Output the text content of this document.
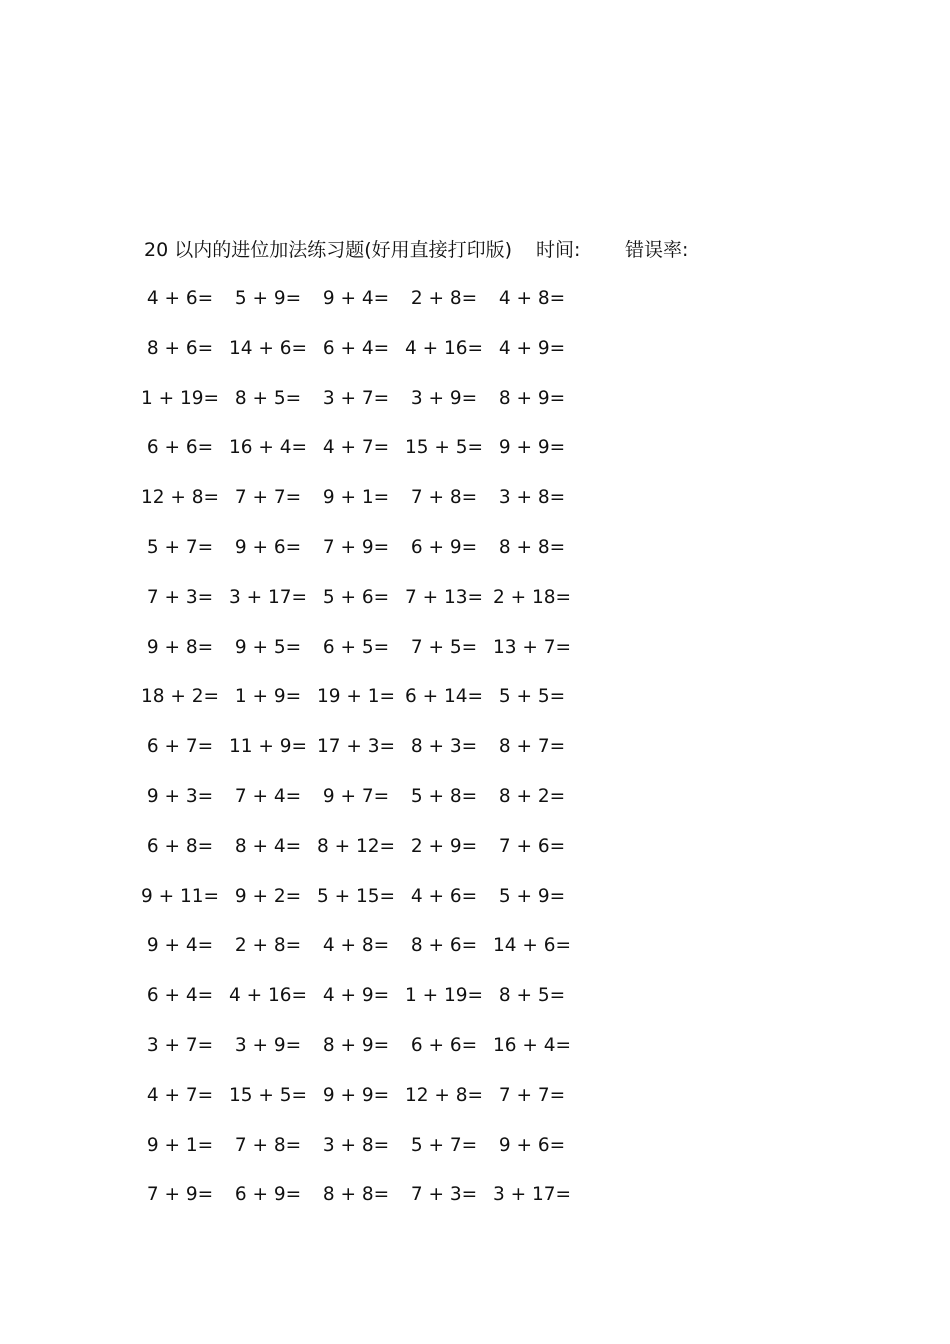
20 以内的进位加法练习题(好用直接打印版) 时间: 错误率:
4 + 6=	5 + 9=	9 + 4=	2 + 8=	4 + 8=
8 + 6= 14 + 6= 6 + 4= 4 + 16= 4 + 9=
1 + 19= 8 + 5=	3 + 7=	3 + 9=	8 + 9=
6 + 6= 16 + 4= 4 + 7= 15 + 5= 9 + 9=
12 + 8= 7 + 7=	9 + 1=	7 + 8=	3 + 8=
5 + 7=	9 + 6=	7 + 9=	6 + 9=	8 + 8=
7 + 3= 3 + 17= 5 + 6= 7 + 13= 2 + 18=
9 + 8=	9 + 5=	6 + 5=	7 + 5= 13 + 7=
18 + 2= 1 + 9= 19 + 1= 6 + 14= 5 + 5=
6 + 7= 11 + 9= 17 + 3= 8 + 3=	8 + 7=
9 + 3=	7 + 4=	9 + 7=	5 + 8=	8 + 2=
6 + 8=	8 + 4= 8 + 12= 2 + 9=	7 + 6=
9 + 11= 9 + 2= 5 + 15= 4 + 6=	5 + 9=
9 + 4=	2 + 8=	4 + 8=	8 + 6= 14 + 6=
6 + 4= 4 + 16= 4 + 9= 1 + 19= 8 + 5=
3 + 7=	3 + 9=	8 + 9=	6 + 6= 16 + 4=
4 + 7= 15 + 5= 9 + 9= 12 + 8= 7 + 7=
9 + 1=	7 + 8=	3 + 8=	5 + 7=	9 + 6=
7 + 9=	6 + 9=	8 + 8=	7 + 3= 3 + 17=
